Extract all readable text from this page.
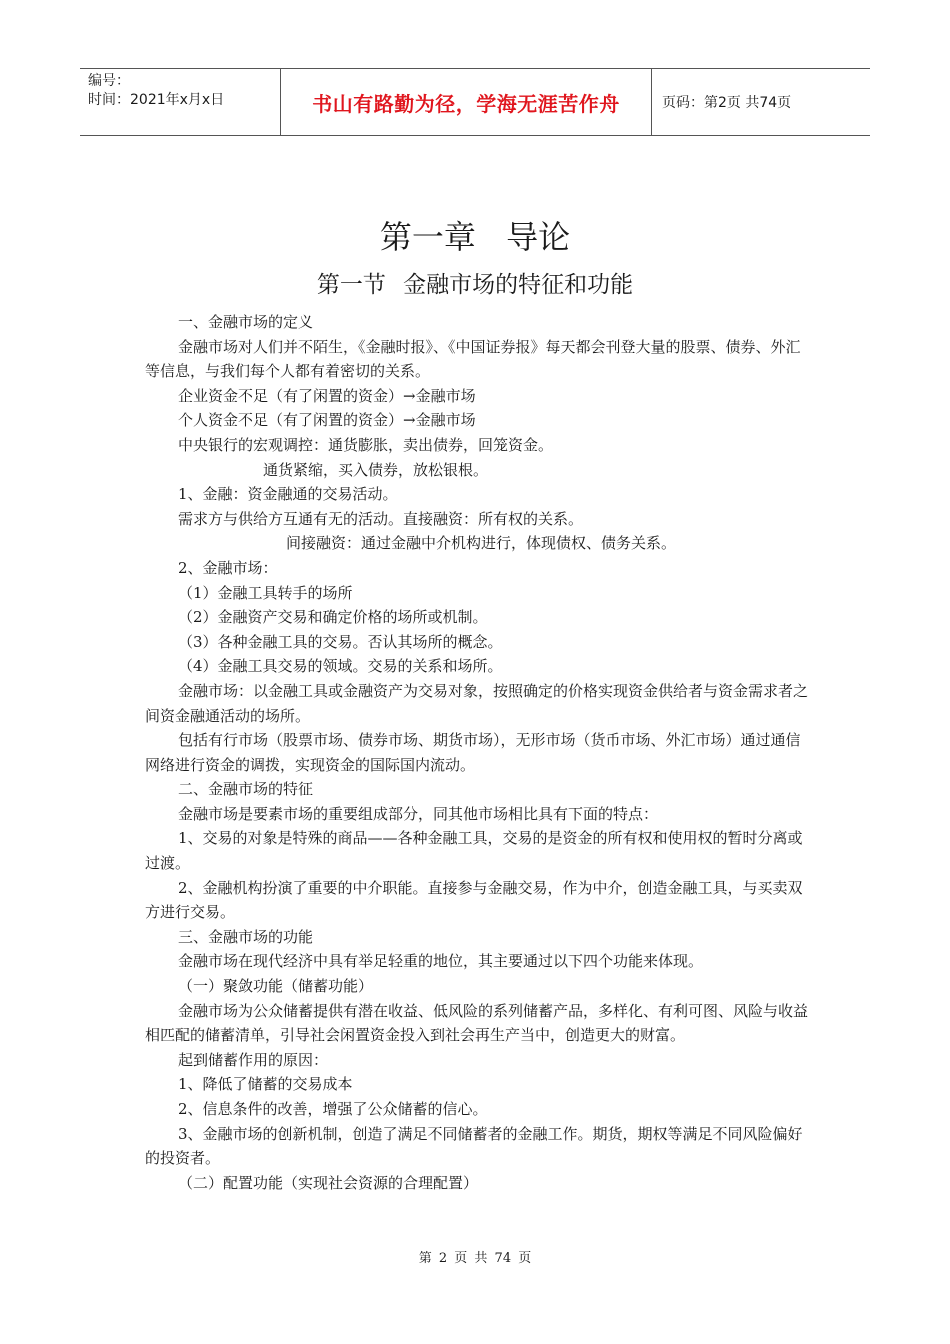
编号：
时间：2021年x月x日	书山有路勤为径，学海无涯苦作舟	页码：第2页 共74页
第一章 导论
第一节 金融市场的特征和功能

一、金融市场的定义

金融市场对人们并不陌生，《金融时报》、《中国证券报》每天都会刊登大量的股票、债券、外汇等信息，与我们每个人都有着密切的关系。

企业资金不足（有了闲置的资金）→金融市场

个人资金不足（有了闲置的资金）→金融市场

中央银行的宏观调控：通货膨胀，卖出债券，回笼资金。

通货紧缩，买入债券，放松银根。

1、金融：资金融通的交易活动。

需求方与供给方互通有无的活动。直接融资：所有权的关系。

间接融资：通过金融中介机构进行，体现债权、债务关系。

2、金融市场：

（1）金融工具转手的场所

（2）金融资产交易和确定价格的场所或机制。

（3）各种金融工具的交易。否认其场所的概念。

（4）金融工具交易的领域。交易的关系和场所。

金融市场：以金融工具或金融资产为交易对象，按照确定的价格实现资金供给者与资金需求者之间资金融通活动的场所。

包括有行市场（股票市场、债券市场、期货市场），无形市场（货币市场、外汇市场）通过通信网络进行资金的调拨，实现资金的国际国内流动。

二、金融市场的特征

金融市场是要素市场的重要组成部分，同其他市场相比具有下面的特点：

1、交易的对象是特殊的商品——各种金融工具，交易的是资金的所有权和使用权的暂时分离或过渡。

2、金融机构扮演了重要的中介职能。直接参与金融交易，作为中介，创造金融工具，与买卖双方进行交易。

三、金融市场的功能

金融市场在现代经济中具有举足轻重的地位，其主要通过以下四个功能来体现。

（一）聚敛功能（储蓄功能）

金融市场为公众储蓄提供有潜在收益、低风险的系列储蓄产品，多样化、有利可图、风险与收益相匹配的储蓄清单，引导社会闲置资金投入到社会再生产当中，创造更大的财富。

起到储蓄作用的原因：

1、降低了储蓄的交易成本

2、信息条件的改善，增强了公众储蓄的信心。

3、金融市场的创新机制，创造了满足不同储蓄者的金融工作。期货，期权等满足不同风险偏好的投资者。

（二）配置功能（实现社会资源的合理配置）

第 2 页 共 74 页
